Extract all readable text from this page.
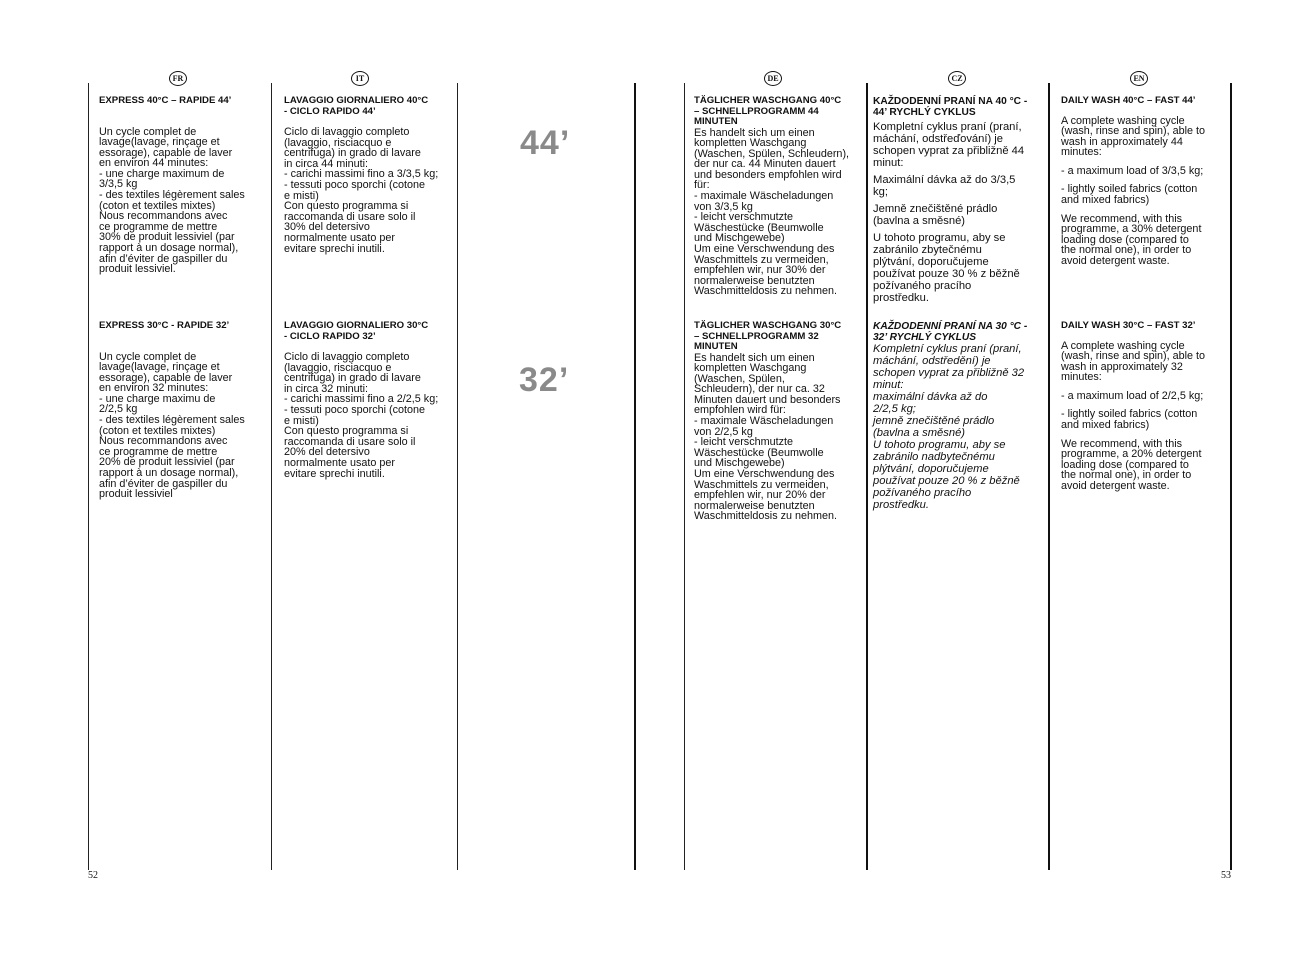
FR	IT	DE	CZ	EN
44’
32’

EXPRESS 40°C – RAPIDE 44’

Un cycle complet de
lavage(lavage, rinçage et
essorage), capable de laver
en environ 44 minutes:
- une charge maximum de
3/3,5 kg
- des textiles légèrement sales
(coton et textiles mixtes)
Nous recommandons avec
ce programme de mettre
30% de produit lessiviel (par
rapport à un dosage normal),
afin d’éviter de gaspiller du
produit lessiviel.

EXPRESS 30°C - RAPIDE 32’

Un cycle complet de
lavage(lavage, rinçage et
essorage), capable de laver
en environ 32 minutes:
- une charge maximu de
2/2,5 kg
- des textiles légèrement sales
(coton et textiles mixtes)
Nous recommandons avec
ce programme de mettre
20% de produit lessiviel (par
rapport à un dosage normal),
afin d’éviter de gaspiller du
produit lessiviel

LAVAGGIO GIORNALIERO 40°C
- CICLO RAPIDO 44’

Ciclo di lavaggio completo
(lavaggio, risciacquo e
centrifuga) in grado di lavare
in circa 44 minuti:
- carichi massimi fino a 3/3,5 kg;
- tessuti poco sporchi (cotone
e misti)
Con questo programma si
raccomanda di usare solo il
30% del detersivo
normalmente usato per
evitare sprechi inutili.

LAVAGGIO GIORNALIERO 30°C
- CICLO RAPIDO 32’

Ciclo di lavaggio completo
(lavaggio, risciacquo e
centrifuga) in grado di lavare
in circa 32 minuti:
- carichi massimi fino a 2/2,5 kg;
- tessuti poco sporchi (cotone
e misti)
Con questo programma si
raccomanda di usare solo il
20% del detersivo
normalmente usato per
evitare sprechi inutili.

TÄGLICHER WASCHGANG 40°C
– SCHNELLPROGRAMM 44
MINUTEN

Es handelt sich um einen
kompletten Waschgang
(Waschen, Spülen, Schleudern),
der nur ca. 44 Minuten dauert
und besonders empfohlen wird
für:
- maximale Wäscheladungen
von 3/3,5 kg
- leicht verschmutzte
Wäschestücke (Beumwolle
und Mischgewebe)
Um eine Verschwendung des
Waschmittels zu vermeiden,
empfehlen wir, nur 30% der
normalerweise benutzten
Waschmitteldosis zu nehmen.

TÄGLICHER WASCHGANG 30°C
– SCHNELLPROGRAMM 32
MINUTEN

Es handelt sich um einen
kompletten Waschgang
(Waschen, Spülen,
Schleudern), der nur ca. 32
Minuten dauert und besonders
empfohlen wird für:
- maximale Wäscheladungen
von 2/2,5 kg
- leicht verschmutzte
Wäschestücke (Beumwolle
und Mischgewebe)
Um eine Verschwendung des
Waschmittels zu vermeiden,
empfehlen wir, nur 20% der
normalerweise benutzten
Waschmitteldosis zu nehmen.

KAŽDODENNÍ PRANÍ NA 40 °C -
44’ RYCHLÝ CYKLUS

Kompletní cyklus praní (praní,
máchání, odstřeďování) je
schopen vyprat za přibližně 44
minut:

Maximální dávka až do 3/3,5
kg;

Jemně znečištěné prádlo
(bavlna a směsné)

U tohoto programu, aby se
zabránilo zbytečnému
plýtvání, doporučujeme
používat pouze 30 % z běžně
požívaného pracího
prostředku.

KAŽDODENNÍ PRANÍ NA 30 °C -
32’ RYCHLÝ CYKLUS

Kompletní cyklus praní (praní,
máchání, odstředění) je
schopen vyprat za přibližně 32
minut:
maximální dávka až do
2/2,5 kg;
jemně znečištěné prádlo
(bavlna a směsné)
U tohoto programu, aby se
zabránilo nadbytečnému
plýtvání, doporučujeme
používat pouze 20 % z běžně
požívaného pracího
prostředku.

DAILY WASH 40°C – FAST 44’

A complete washing cycle
(wash, rinse and spin), able to
wash in approximately 44
minutes:

- a maximum load of 3/3,5 kg;

- lightly soiled fabrics (cotton
and mixed fabrics)

We recommend, with this
programme, a 30% detergent
loading dose (compared to
the normal one), in order to
avoid detergent waste.

DAILY WASH 30°C – FAST 32’

A complete washing cycle
(wash, rinse and spin), able to
wash in approximately 32
minutes:

- a maximum load of 2/2,5 kg;

- lightly soiled fabrics (cotton
and mixed fabrics)

We recommend, with this
programme, a 20% detergent
loading dose (compared to
the normal one), in order to
avoid detergent waste.

52	53
